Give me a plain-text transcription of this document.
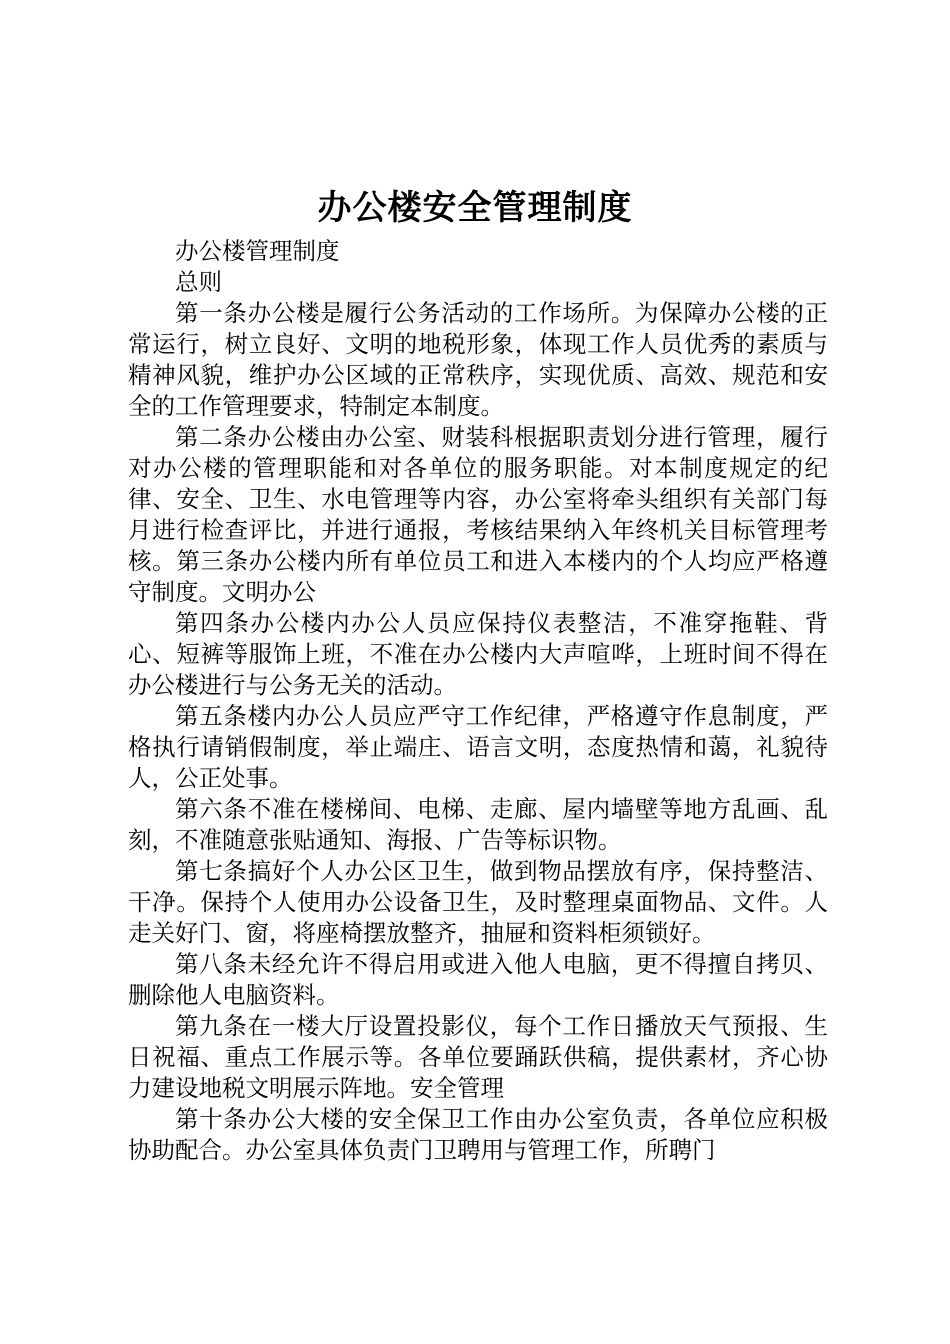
办公楼安全管理制度

办公楼管理制度

总则

第一条办公楼是履行公务活动的工作场所。为保障办公楼的正常运行，树立良好、文明的地税形象，体现工作人员优秀的素质与精神风貌，维护办公区域的正常秩序，实现优质、高效、规范和安全的工作管理要求，特制定本制度。

第二条办公楼由办公室、财装科根据职责划分进行管理，履行对办公楼的管理职能和对各单位的服务职能。对本制度规定的纪律、安全、卫生、水电管理等内容，办公室将牵头组织有关部门每月进行检查评比，并进行通报，考核结果纳入年终机关目标管理考核。第三条办公楼内所有单位员工和进入本楼内的个人均应严格遵守制度。文明办公

第四条办公楼内办公人员应保持仪表整洁，不准穿拖鞋、背心、短裤等服饰上班，不准在办公楼内大声喧哗，上班时间不得在办公楼进行与公务无关的活动。

第五条楼内办公人员应严守工作纪律，严格遵守作息制度，严格执行请销假制度，举止端庄、语言文明，态度热情和蔼，礼貌待人，公正处事。

第六条不准在楼梯间、电梯、走廊、屋内墙壁等地方乱画、乱刻，不准随意张贴通知、海报、广告等标识物。

第七条搞好个人办公区卫生，做到物品摆放有序，保持整洁、干净。保持个人使用办公设备卫生，及时整理桌面物品、文件。人走关好门、窗，将座椅摆放整齐，抽屉和资料柜须锁好。

第八条未经允许不得启用或进入他人电脑，更不得擅自拷贝、删除他人电脑资料。

第九条在一楼大厅设置投影仪，每个工作日播放天气预报、生日祝福、重点工作展示等。各单位要踊跃供稿，提供素材，齐心协力建设地税文明展示阵地。安全管理

第十条办公大楼的安全保卫工作由办公室负责，各单位应积极协助配合。办公室具体负责门卫聘用与管理工作，所聘门
